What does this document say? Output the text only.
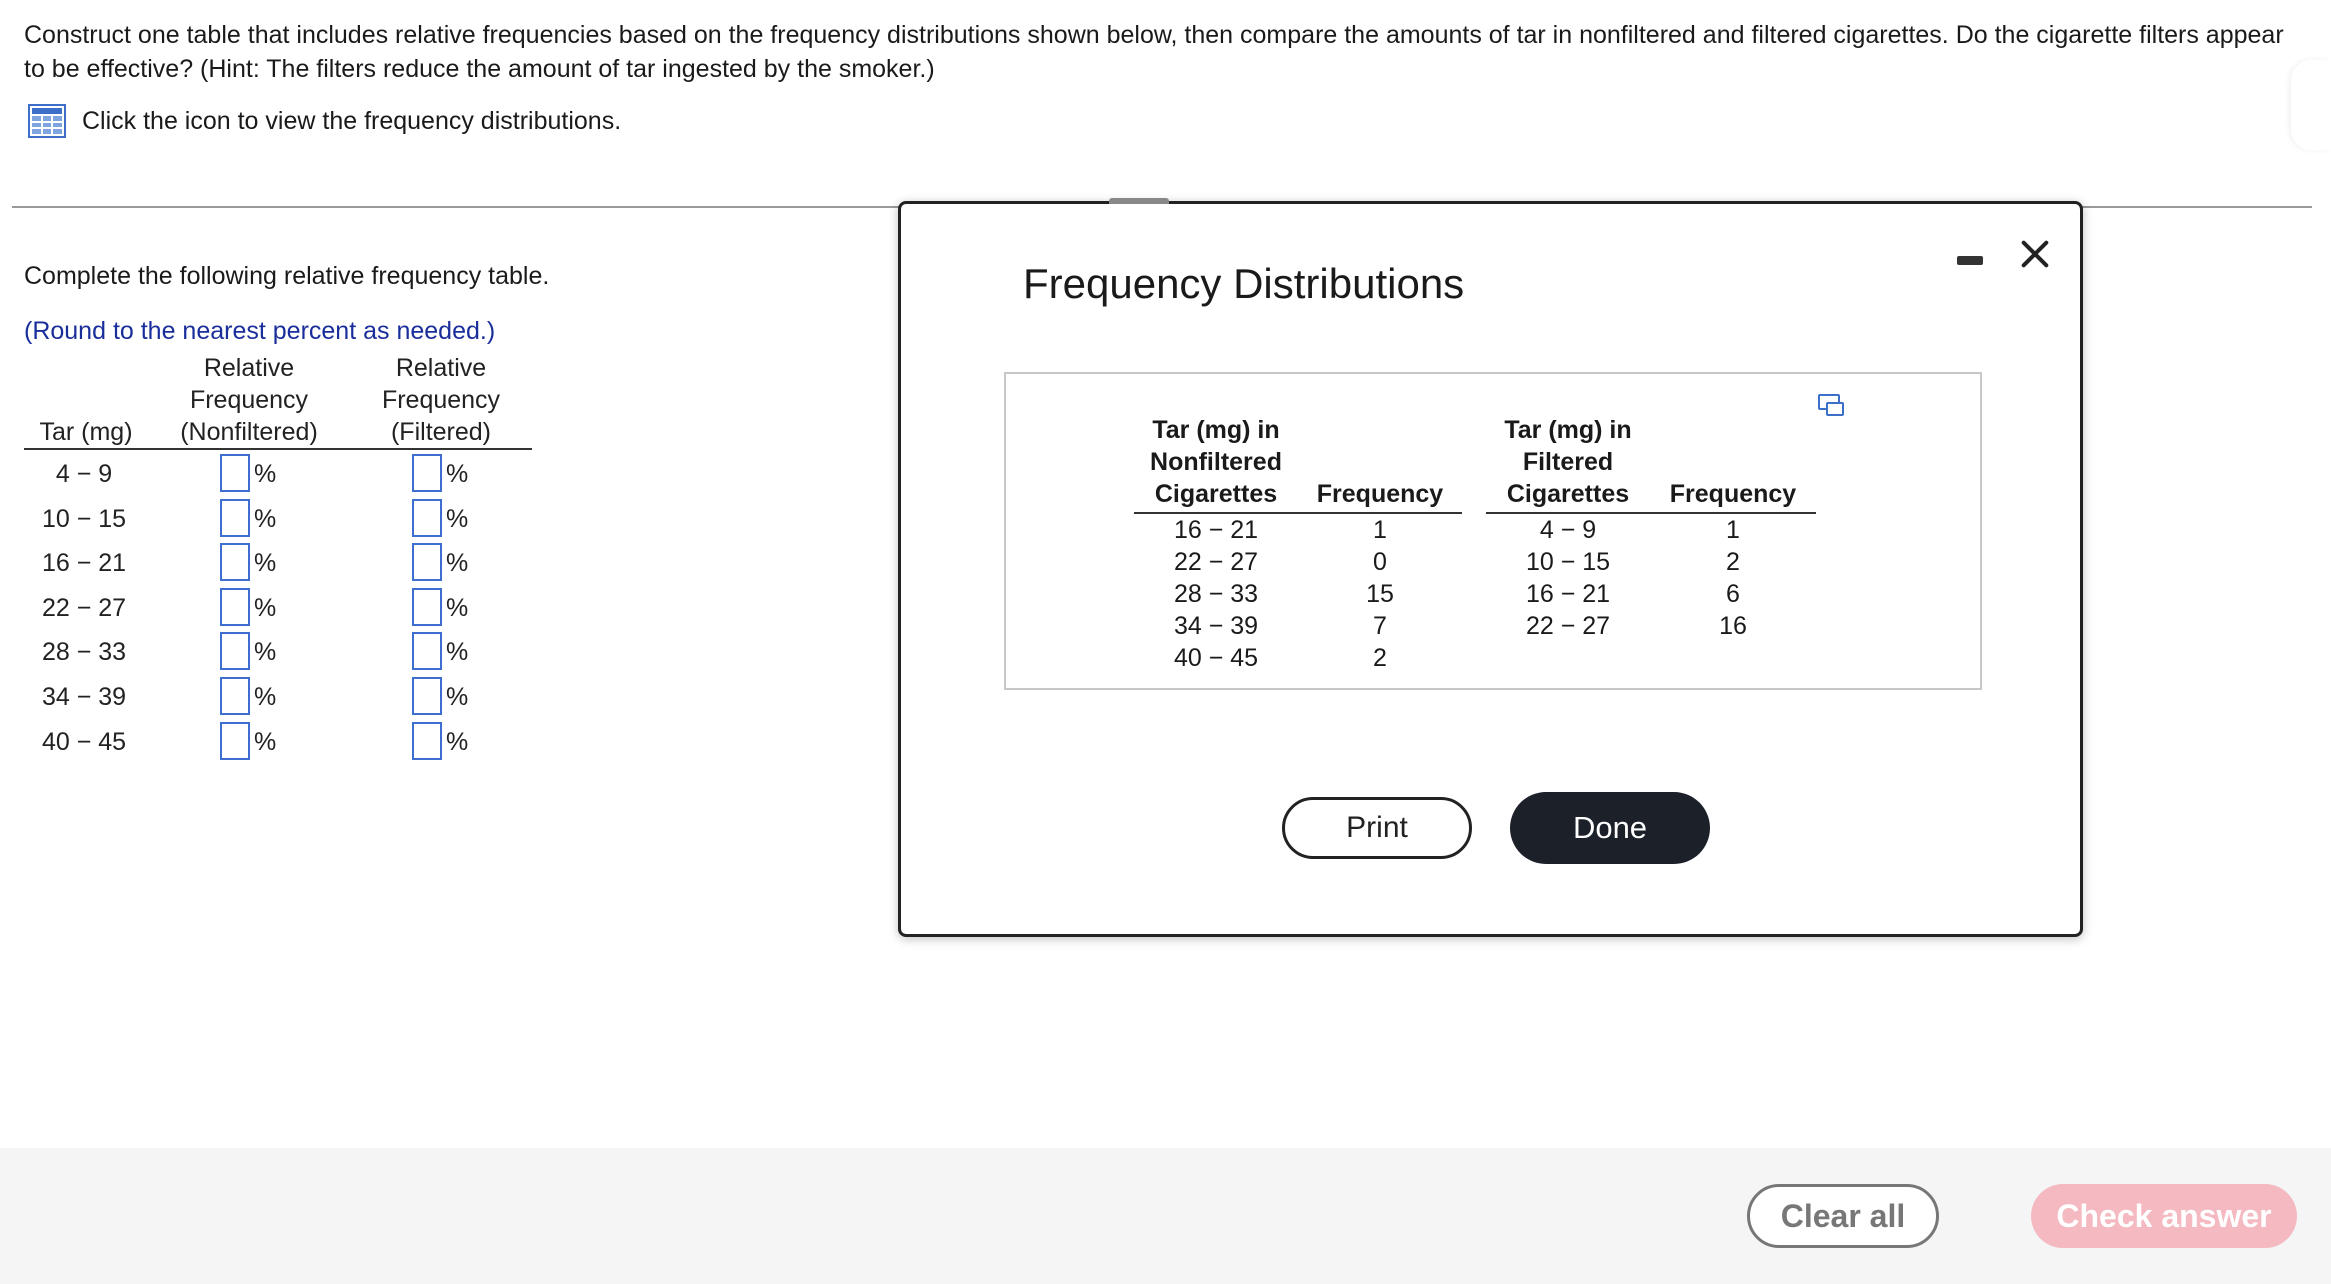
Construct one table that includes relative frequencies based on the frequency distributions shown below, then compare the amounts of tar in nonfiltered and filtered cigarettes. Do the cigarette filters appear to be effective? (Hint: The filters reduce the amount of tar ingested by the smoker.)
Click the icon to view the frequency distributions.
Complete the following relative frequency table.
(Round to the nearest percent as needed.)
Tar (mg)
Relative
Frequency
(Nonfiltered)
Relative
Frequency
(Filtered)
4 − 9	%	%
10 − 15	%	%
16 − 21	%	%
22 − 27	%	%
28 − 33	%	%
34 − 39	%	%
40 − 45	%	%
Frequency Distributions
Tar (mg) in
Nonfiltered
Cigarettes	Frequency
16 − 21	1
22 − 27	0
28 − 33	15
34 − 39	7
40 − 45	2
Tar (mg) in
Filtered
Cigarettes	Frequency
4 − 9	1
10 − 15	2
16 − 21	6
22 − 27	16
Print	Done
Clear all	Check answer
